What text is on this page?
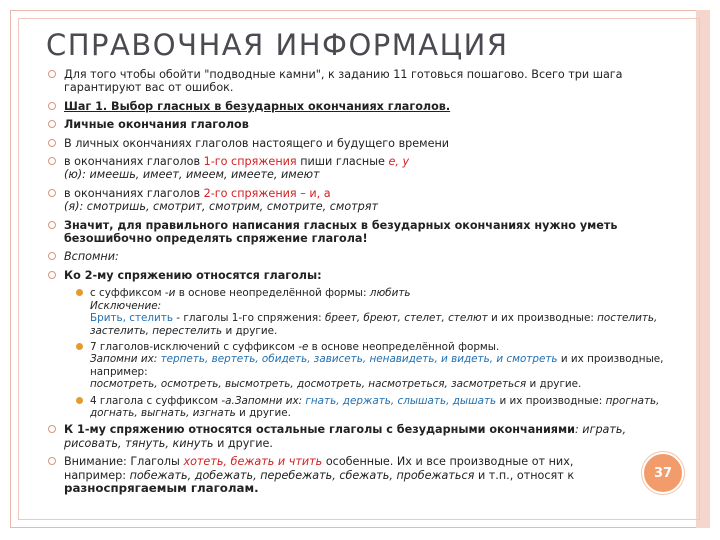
СПРАВОЧНАЯ ИНФОРМАЦИЯ
Для того чтобы обойти "подводные камни", к заданию 11 готовься пошагово. Всего три шага гарантируют вас от ошибок.
Шаг 1. Выбор гласных в безударных окончаниях глаголов.
Личные окончания глаголов
В личных окончаниях глаголов настоящего и будущего времени
в окончаниях глаголов 1-го спряжения пиши гласные е, у
(ю): имеешь, имеет, имеем, имеете, имеют
в окончаниях глаголов 2-го спряжения – и, а
(я): смотришь, смотрит, смотрим, смотрите, смотрят
Значит, для правильного написания гласных в безударных окончаниях нужно уметь безошибочно определять спряжение глагола!
Вспомни:
Ко 2-му спряжению относятся глаголы:
с суффиксом -и в основе неопределённой формы: любить
Исключение:
Брить, стелить - глаголы 1-го спряжения: бреет, бреют, стелет, стелют и их производные: постелить, застелить, перестелить и другие.
7 глаголов-исключений с суффиксом -е в основе неопределённой формы.
Запомни их: терпеть, вертеть, обидеть, зависеть, ненавидеть, и видеть, и смотреть и их производные,
например:
посмотреть, осмотреть, высмотреть, досмотреть, насмотреться, засмотреться и другие.
4 глагола с суффиксом -а.Запомни их: гнать, держать, слышать, дышать и их производные: прогнать, догнать, выгнать, изгнать и другие.
К 1-му спряжению относятся остальные глаголы с безударными окончаниями: играть, рисовать, тянуть, кинуть и другие.
Внимание: Глаголы хотеть, бежать и чтить особенные. Их и все производные от них, например: побежать, добежать, перебежать, сбежать, пробежаться и т.п., относят к разноспрягаемым глаголам.
37
